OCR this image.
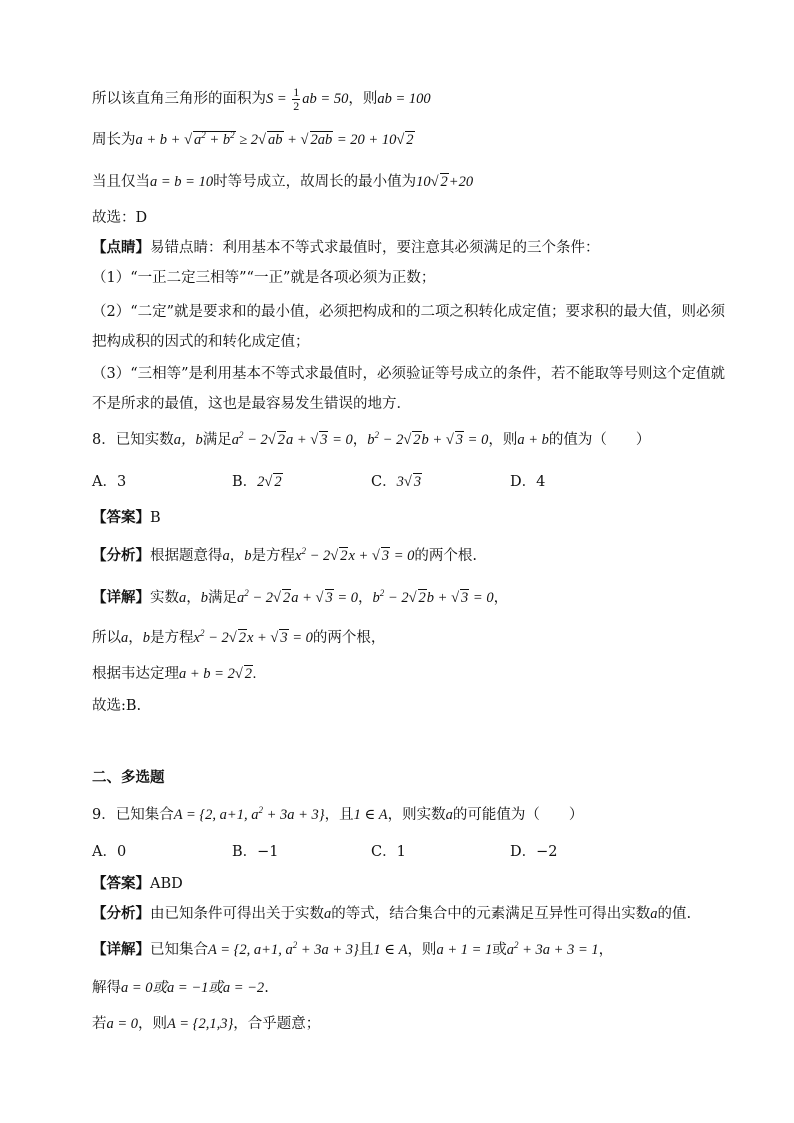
所以该直角三角形的面积为$S = \frac{1}{2}$ ab = 50，则ab = 100
周长为a + b + √ $a^2 + b^2 \ge 2√$ ab + √ 2ab = 20 + 10√ 2
当且仅当a = b = 10时等号成立，故周长的最小值为10√ 2+20
故选：D
【点睛】易错点睛：利用基本不等式求最值时，要注意其必须满足的三个条件：
（1）“一正二定三相等”“一正”就是各项必须为正数；
（2）“二定”就是要求和的最小值，必须把构成和的二项之积转化成定值；要求积的最大值，则必须
把构成积的因式的和转化成定值；
（3）“三相等”是利用基本不等式求最值时，必须验证等号成立的条件，若不能取等号则这个定值就
不是所求的最值，这也是最容易发生错误的地方．
8．已知实数a，b满足$a^2 - 2√$ 2a + √ 3 = 0，$b^2 - 2√$ 2b + √ 3 = 0，则a + b的值为（　　）
A．3	B．2√ 2	C．3√ 3	D．4
【答案】B
【分析】根据题意得a，b是方程$x^2 - 2√$ 2x + √ 3 = 0的两个根.
【详解】实数a，b满足$a^2 - 2√$ 2a + √ 3 = 0，$b^2 - 2√$ 2b + √ 3 = 0，
所以a，b是方程$x^2 - 2√$ 2x + √ 3 = 0的两个根，
根据韦达定理a + b = 2√ 2.
故选:B.
二、多选题
9．已知集合A = {2, a+1, $a^2 + 3a + 3$}，且1 ∈ A，则实数a的可能值为（　　）
A．0	B．−1	C．1	D．−2
【答案】ABD
【分析】由已知条件可得出关于实数a的等式，结合集合中的元素满足互异性可得出实数a的值.
【详解】已知集合A = {2, a+1, $a^2 + 3a + 3$}且1 ∈ A，则a + 1 = 1或$a^2 + 3a + 3 = 1$，
解得a = 0或a = −1或a = −2.
若a = 0，则A = {2,1,3}，合乎题意；
